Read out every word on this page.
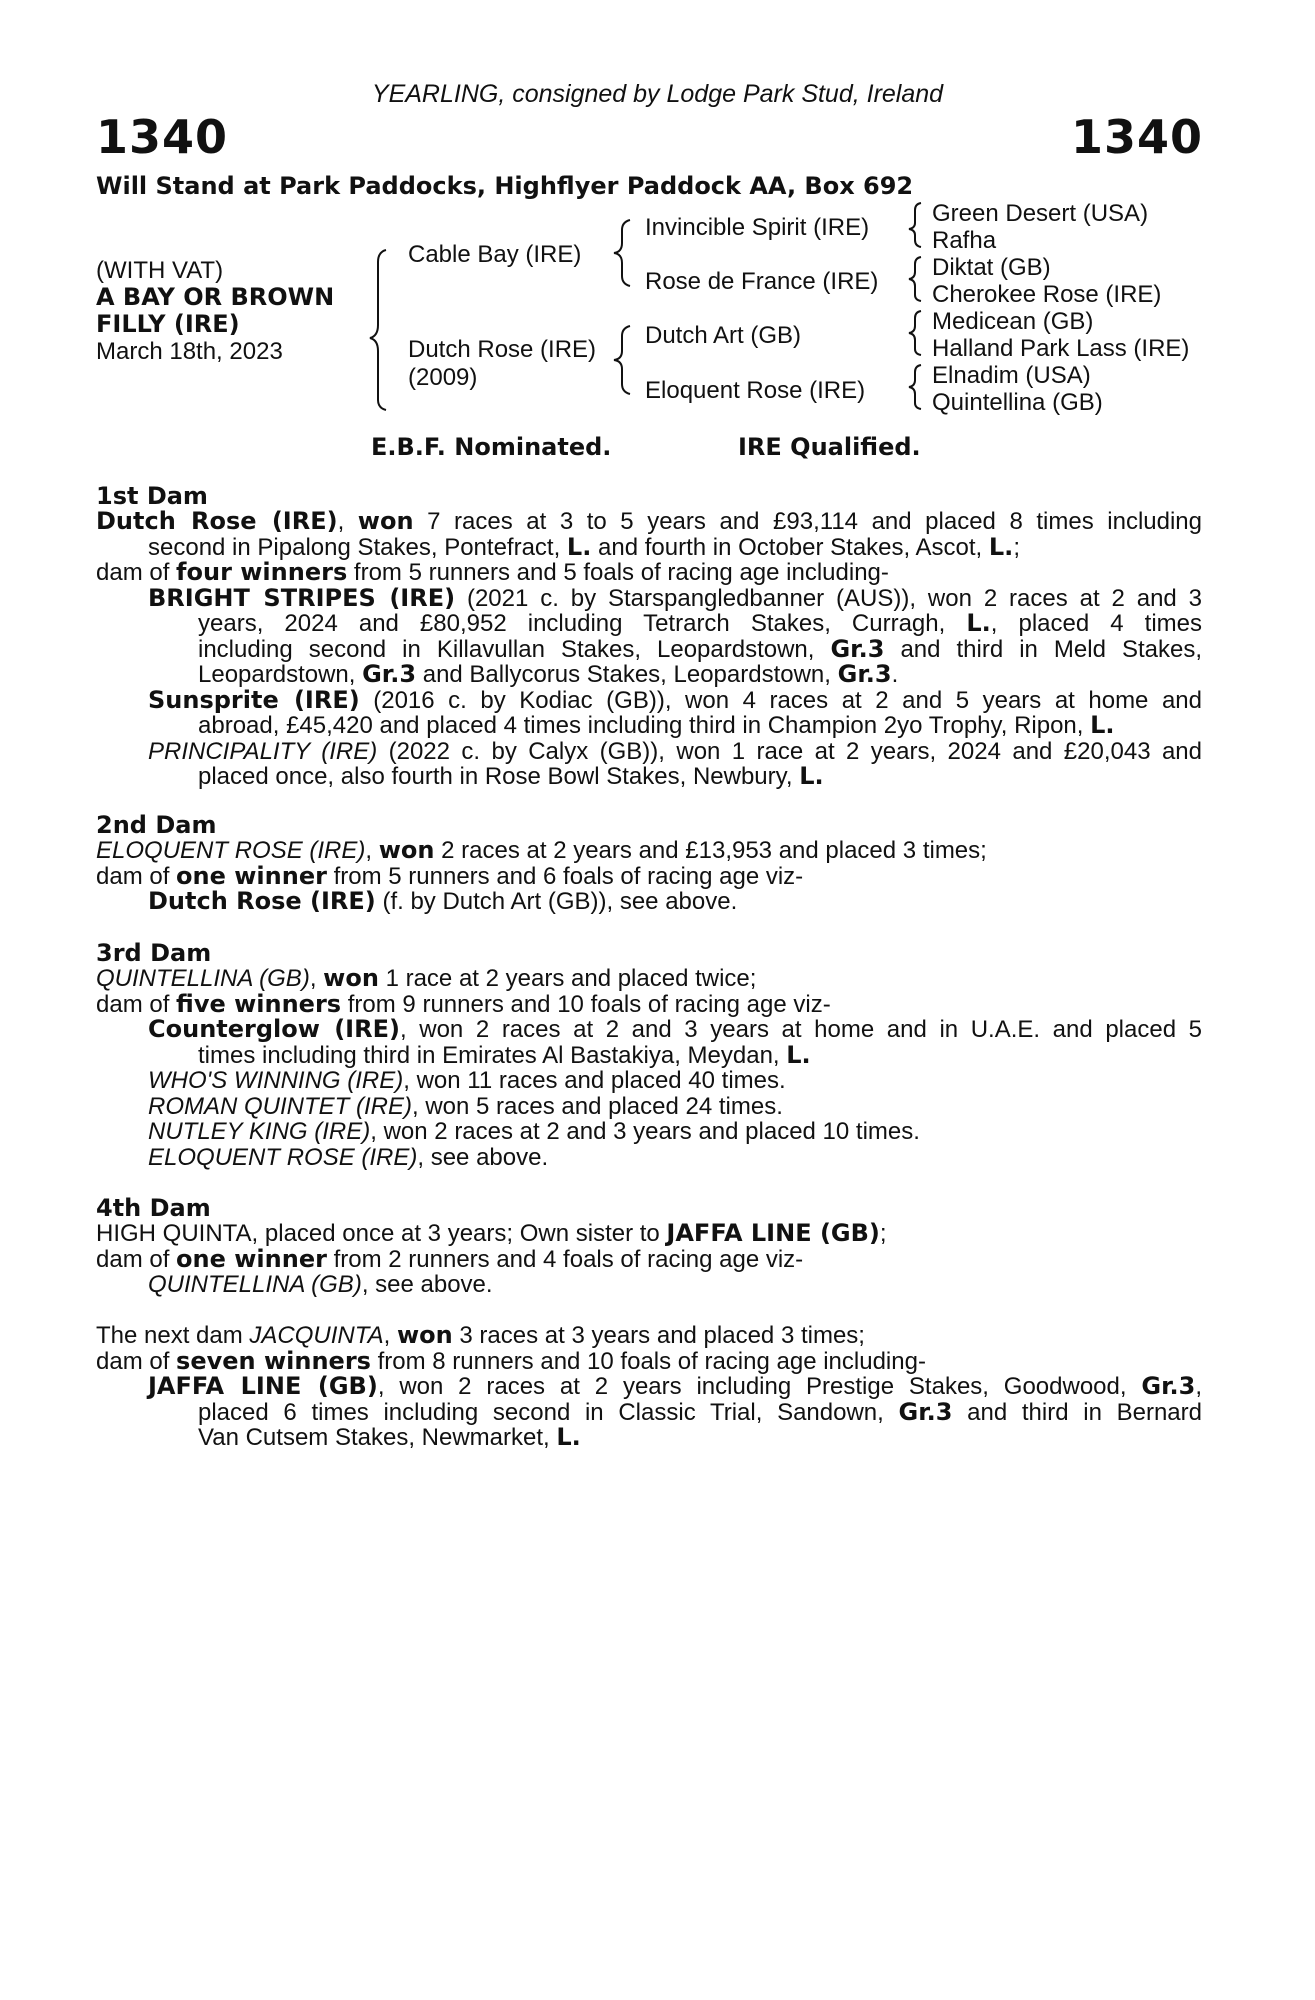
YEARLING, consigned by Lodge Park Stud, Ireland
1340	1340
Will Stand at Park Paddocks, Highflyer Paddock AA, Box 692
(WITH VAT)
A BAY OR BROWN
FILLY (IRE)
March 18th, 2023
Cable Bay (IRE)
Dutch Rose (IRE)
(2009)
Invincible Spirit (IRE)
Rose de France (IRE)
Dutch Art (GB)
Eloquent Rose (IRE)
Green Desert (USA)
Rafha
Diktat (GB)
Cherokee Rose (IRE)
Medicean (GB)
Halland Park Lass (IRE)
Elnadim (USA)
Quintellina (GB)
E.B.F. Nominated.	IRE Qualified.
1st Dam
Dutch Rose (IRE), won 7 races at 3 to 5 years and £93,114 and placed 8 times including
second in Pipalong Stakes, Pontefract, L. and fourth in October Stakes, Ascot, L.;
dam of four winners from 5 runners and 5 foals of racing age including-
BRIGHT STRIPES (IRE) (2021 c. by Starspangledbanner (AUS)), won 2 races at 2 and 3
years, 2024 and £80,952 including Tetrarch Stakes, Curragh, L., placed 4 times
including second in Killavullan Stakes, Leopardstown, Gr.3 and third in Meld Stakes,
Leopardstown, Gr.3 and Ballycorus Stakes, Leopardstown, Gr.3.
Sunsprite (IRE) (2016 c. by Kodiac (GB)), won 4 races at 2 and 5 years at home and
abroad, £45,420 and placed 4 times including third in Champion 2yo Trophy, Ripon, L.
PRINCIPALITY (IRE) (2022 c. by Calyx (GB)), won 1 race at 2 years, 2024 and £20,043 and
placed once, also fourth in Rose Bowl Stakes, Newbury, L.
2nd Dam
ELOQUENT ROSE (IRE), won 2 races at 2 years and £13,953 and placed 3 times;
dam of one winner from 5 runners and 6 foals of racing age viz-
Dutch Rose (IRE) (f. by Dutch Art (GB)), see above.
3rd Dam
QUINTELLINA (GB), won 1 race at 2 years and placed twice;
dam of five winners from 9 runners and 10 foals of racing age viz-
Counterglow (IRE), won 2 races at 2 and 3 years at home and in U.A.E. and placed 5
times including third in Emirates Al Bastakiya, Meydan, L.
WHO'S WINNING (IRE), won 11 races and placed 40 times.
ROMAN QUINTET (IRE), won 5 races and placed 24 times.
NUTLEY KING (IRE), won 2 races at 2 and 3 years and placed 10 times.
ELOQUENT ROSE (IRE), see above.
4th Dam
HIGH QUINTA, placed once at 3 years; Own sister to JAFFA LINE (GB);
dam of one winner from 2 runners and 4 foals of racing age viz-
QUINTELLINA (GB), see above.
The next dam JACQUINTA, won 3 races at 3 years and placed 3 times;
dam of seven winners from 8 runners and 10 foals of racing age including-
JAFFA LINE (GB), won 2 races at 2 years including Prestige Stakes, Goodwood, Gr.3,
placed 6 times including second in Classic Trial, Sandown, Gr.3 and third in Bernard
Van Cutsem Stakes, Newmarket, L.
